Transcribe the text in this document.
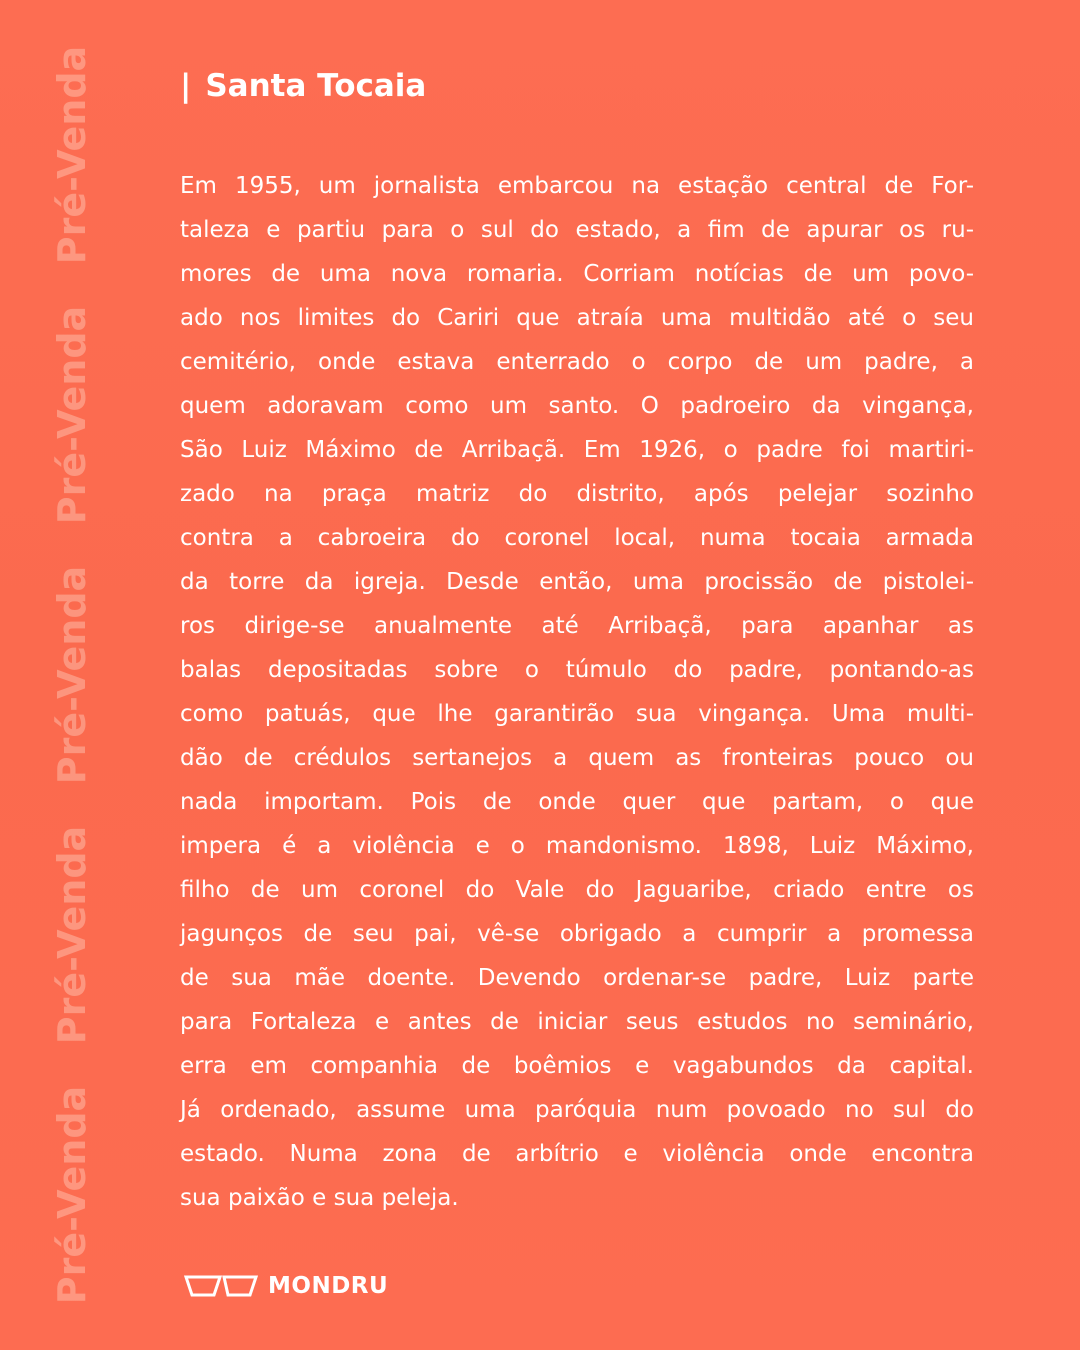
Pré-Venda
Pré-Venda
Pré-Venda
Pré-Venda
Pré-Venda	| Santa Tocaia
Em 1955, um jornalista embarcou na estação central de For-
taleza e partiu para o sul do estado, a fim de apurar os ru-
mores de uma nova romaria. Corriam notícias de um povo-
ado nos limites do Cariri que atraía uma multidão até o seu
cemitério, onde estava enterrado o corpo de um padre, a
quem adoravam como um santo. O padroeiro da vingança,
São Luiz Máximo de Arribaçã. Em 1926, o padre foi martiri-
zado na praça matriz do distrito, após pelejar sozinho
contra a cabroeira do coronel local, numa tocaia armada
da torre da igreja. Desde então, uma procissão de pistolei-
ros dirige-se anualmente até Arribaçã, para apanhar as
balas depositadas sobre o túmulo do padre, pontando-as
como patuás, que lhe garantirão sua vingança. Uma multi-
dão de crédulos sertanejos a quem as fronteiras pouco ou
nada importam. Pois de onde quer que partam, o que
impera é a violência e o mandonismo. 1898, Luiz Máximo,
filho de um coronel do Vale do Jaguaribe, criado entre os
jagunços de seu pai, vê-se obrigado a cumprir a promessa
de sua mãe doente. Devendo ordenar-se padre, Luiz parte
para Fortaleza e antes de iniciar seus estudos no seminário,
erra em companhia de boêmios e vagabundos da capital.
Já ordenado, assume uma paróquia num povoado no sul do
estado. Numa zona de arbítrio e violência onde encontra
sua paixão e sua peleja.
MONDRU
